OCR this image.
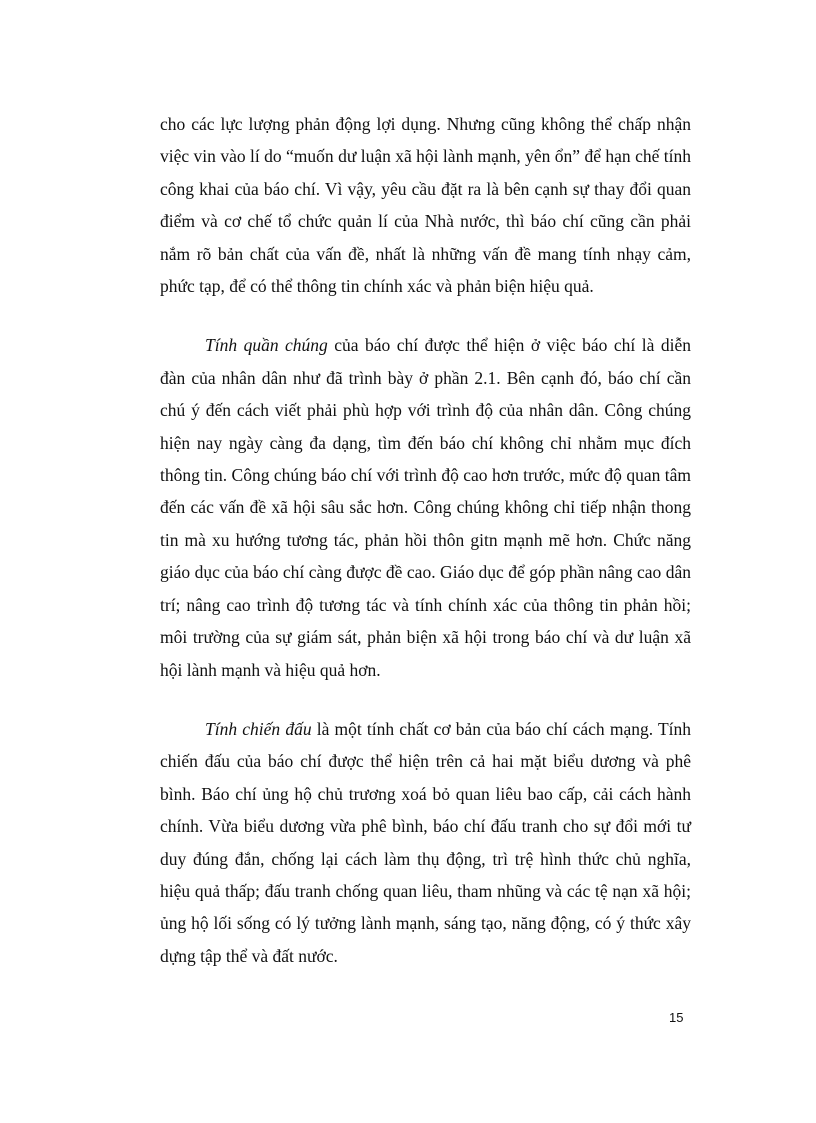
cho các lực lượng phản động lợi dụng. Nhưng cũng không thể chấp nhận việc vin vào lí do “muốn dư luận xã hội lành mạnh, yên ổn” để hạn chế tính công khai của báo chí. Vì vậy, yêu cầu đặt ra là bên cạnh sự thay đổi quan điểm và cơ chế tổ chức quản lí của Nhà nước, thì báo chí cũng cần phải nắm rõ bản chất của vấn đề, nhất là những vấn đề mang tính nhạy cảm, phức tạp, để có thể thông tin chính xác và phản biện hiệu quả.

Tính quần chúng của báo chí được thể hiện ở việc báo chí là diễn đàn của nhân dân như đã trình bày ở phần 2.1. Bên cạnh đó, báo chí cần chú ý đến cách viết phải phù hợp với trình độ của nhân dân. Công chúng hiện nay ngày càng đa dạng, tìm đến báo chí không chỉ nhằm mục đích thông tin. Công chúng báo chí với trình độ cao hơn trước, mức độ quan tâm đến các vấn đề xã hội sâu sắc hơn. Công chúng không chỉ tiếp nhận thong tin mà xu hướng tương tác, phản hồi thôn gitn mạnh mẽ hơn. Chức năng giáo dục của báo chí càng được đề cao. Giáo dục để góp phần nâng cao dân trí; nâng cao trình độ tương tác và tính chính xác của thông tin phản hồi; môi trường của sự giám sát, phản biện xã hội trong báo chí và dư luận xã hội lành mạnh và hiệu quả hơn.

Tính chiến đấu là một tính chất cơ bản của báo chí cách mạng. Tính chiến đấu của báo chí được thể hiện trên cả hai mặt biểu dương và phê bình. Báo chí ủng hộ chủ trương xoá bỏ quan liêu bao cấp, cải cách hành chính. Vừa biểu dương vừa phê bình, báo chí đấu tranh cho sự đổi mới tư duy đúng đắn, chống lại cách làm thụ động, trì trệ hình thức chủ nghĩa, hiệu quả thấp; đấu tranh chống quan liêu, tham nhũng và các tệ nạn xã hội; ủng hộ lối sống có lý tưởng lành mạnh, sáng tạo, năng động, có ý thức xây dựng tập thể và đất nước.

15
